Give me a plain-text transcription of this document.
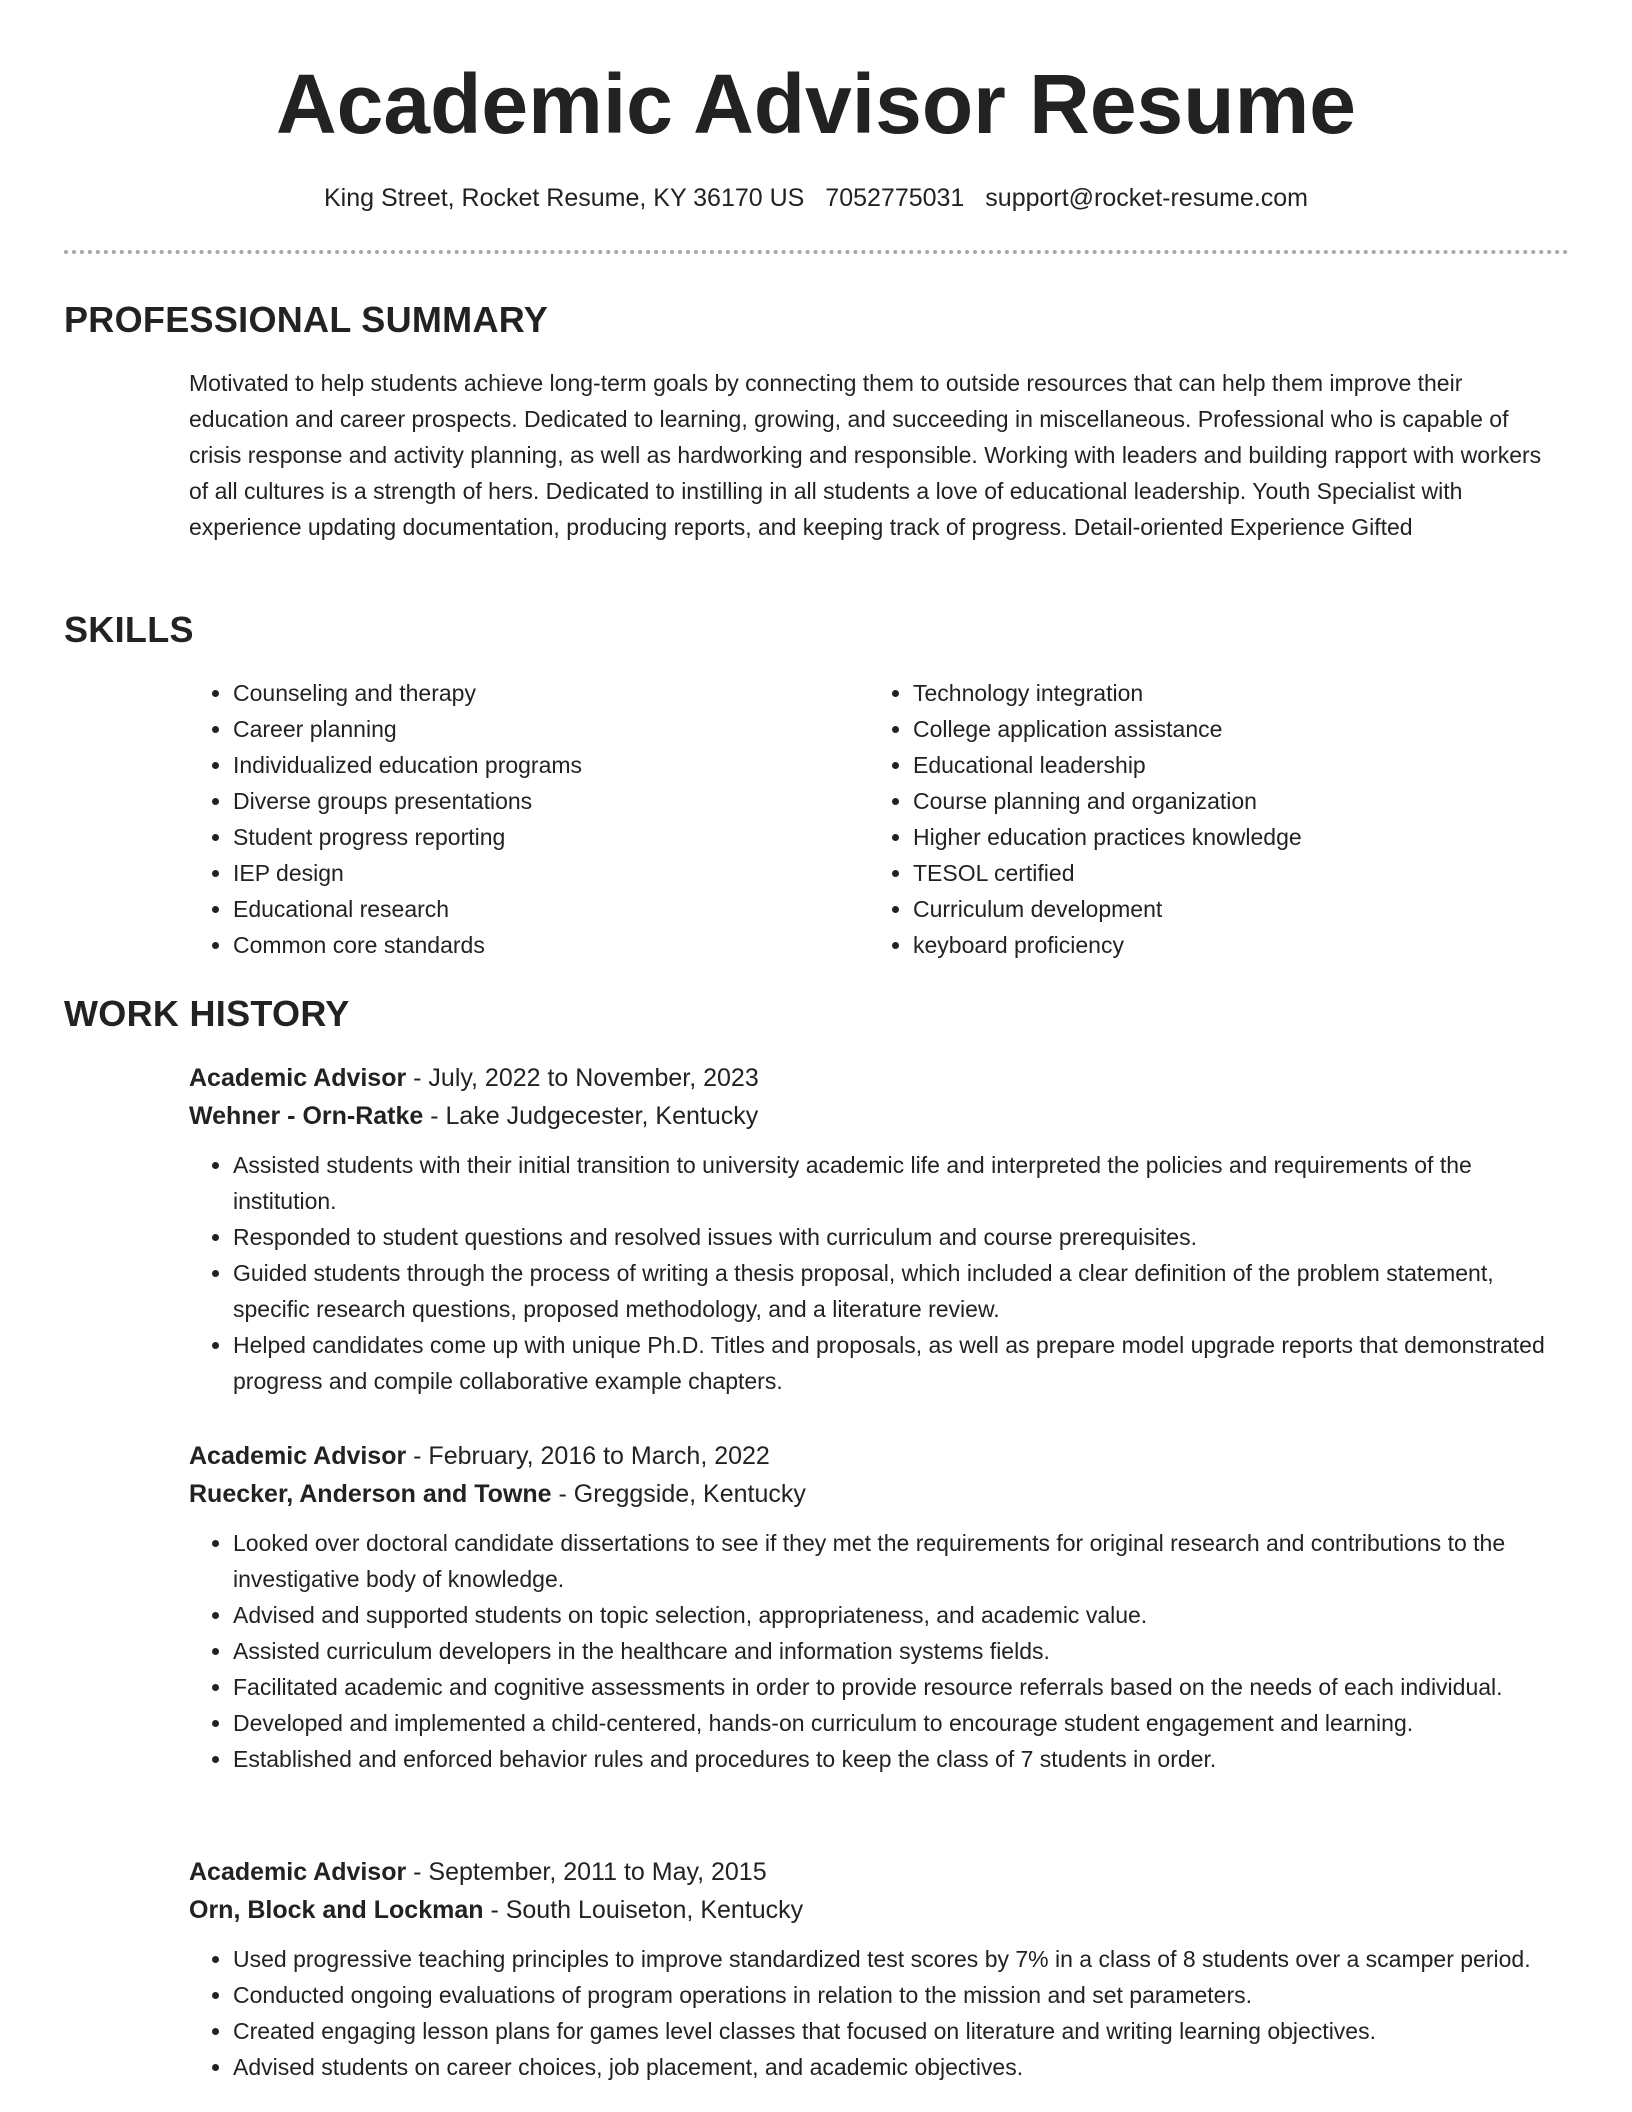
Academic Advisor Resume
King Street, Rocket Resume, KY 36170 US 7052775031 support@rocket-resume.com
PROFESSIONAL SUMMARY

Motivated to help students achieve long-term goals by connecting them to outside resources that can help them improve their education and career prospects. Dedicated to learning, growing, and succeeding in miscellaneous. Professional who is capable of crisis response and activity planning, as well as hardworking and responsible. Working with leaders and building rapport with workers of all cultures is a strength of hers. Dedicated to instilling in all students a love of educational leadership. Youth Specialist with experience updating documentation, producing reports, and keeping track of progress. Detail-oriented Experience Gifted

SKILLS
• Counseling and therapy
• Career planning
• Individualized education programs
• Diverse groups presentations
• Student progress reporting
• IEP design
• Educational research
• Common core standards
• Technology integration
• College application assistance
• Educational leadership
• Course planning and organization
• Higher education practices knowledge
• TESOL certified
• Curriculum development
• keyboard proficiency
WORK HISTORY
Academic Advisor - July, 2022 to November, 2023
Wehner - Orn-Ratke - Lake Judgecester, Kentucky
• Assisted students with their initial transition to university academic life and interpreted the policies and requirements of the institution.
• Responded to student questions and resolved issues with curriculum and course prerequisites.
• Guided students through the process of writing a thesis proposal, which included a clear definition of the problem statement, specific research questions, proposed methodology, and a literature review.
• Helped candidates come up with unique Ph.D. Titles and proposals, as well as prepare model upgrade reports that demonstrated progress and compile collaborative example chapters.
Academic Advisor - February, 2016 to March, 2022
Ruecker, Anderson and Towne - Greggside, Kentucky
• Looked over doctoral candidate dissertations to see if they met the requirements for original research and contributions to the investigative body of knowledge.
• Advised and supported students on topic selection, appropriateness, and academic value.
• Assisted curriculum developers in the healthcare and information systems fields.
• Facilitated academic and cognitive assessments in order to provide resource referrals based on the needs of each individual.
• Developed and implemented a child-centered, hands-on curriculum to encourage student engagement and learning.
• Established and enforced behavior rules and procedures to keep the class of 7 students in order.
Academic Advisor - September, 2011 to May, 2015
Orn, Block and Lockman - South Louiseton, Kentucky
• Used progressive teaching principles to improve standardized test scores by 7% in a class of 8 students over a scamper period.
• Conducted ongoing evaluations of program operations in relation to the mission and set parameters.
• Created engaging lesson plans for games level classes that focused on literature and writing learning objectives.
• Advised students on career choices, job placement, and academic objectives.
